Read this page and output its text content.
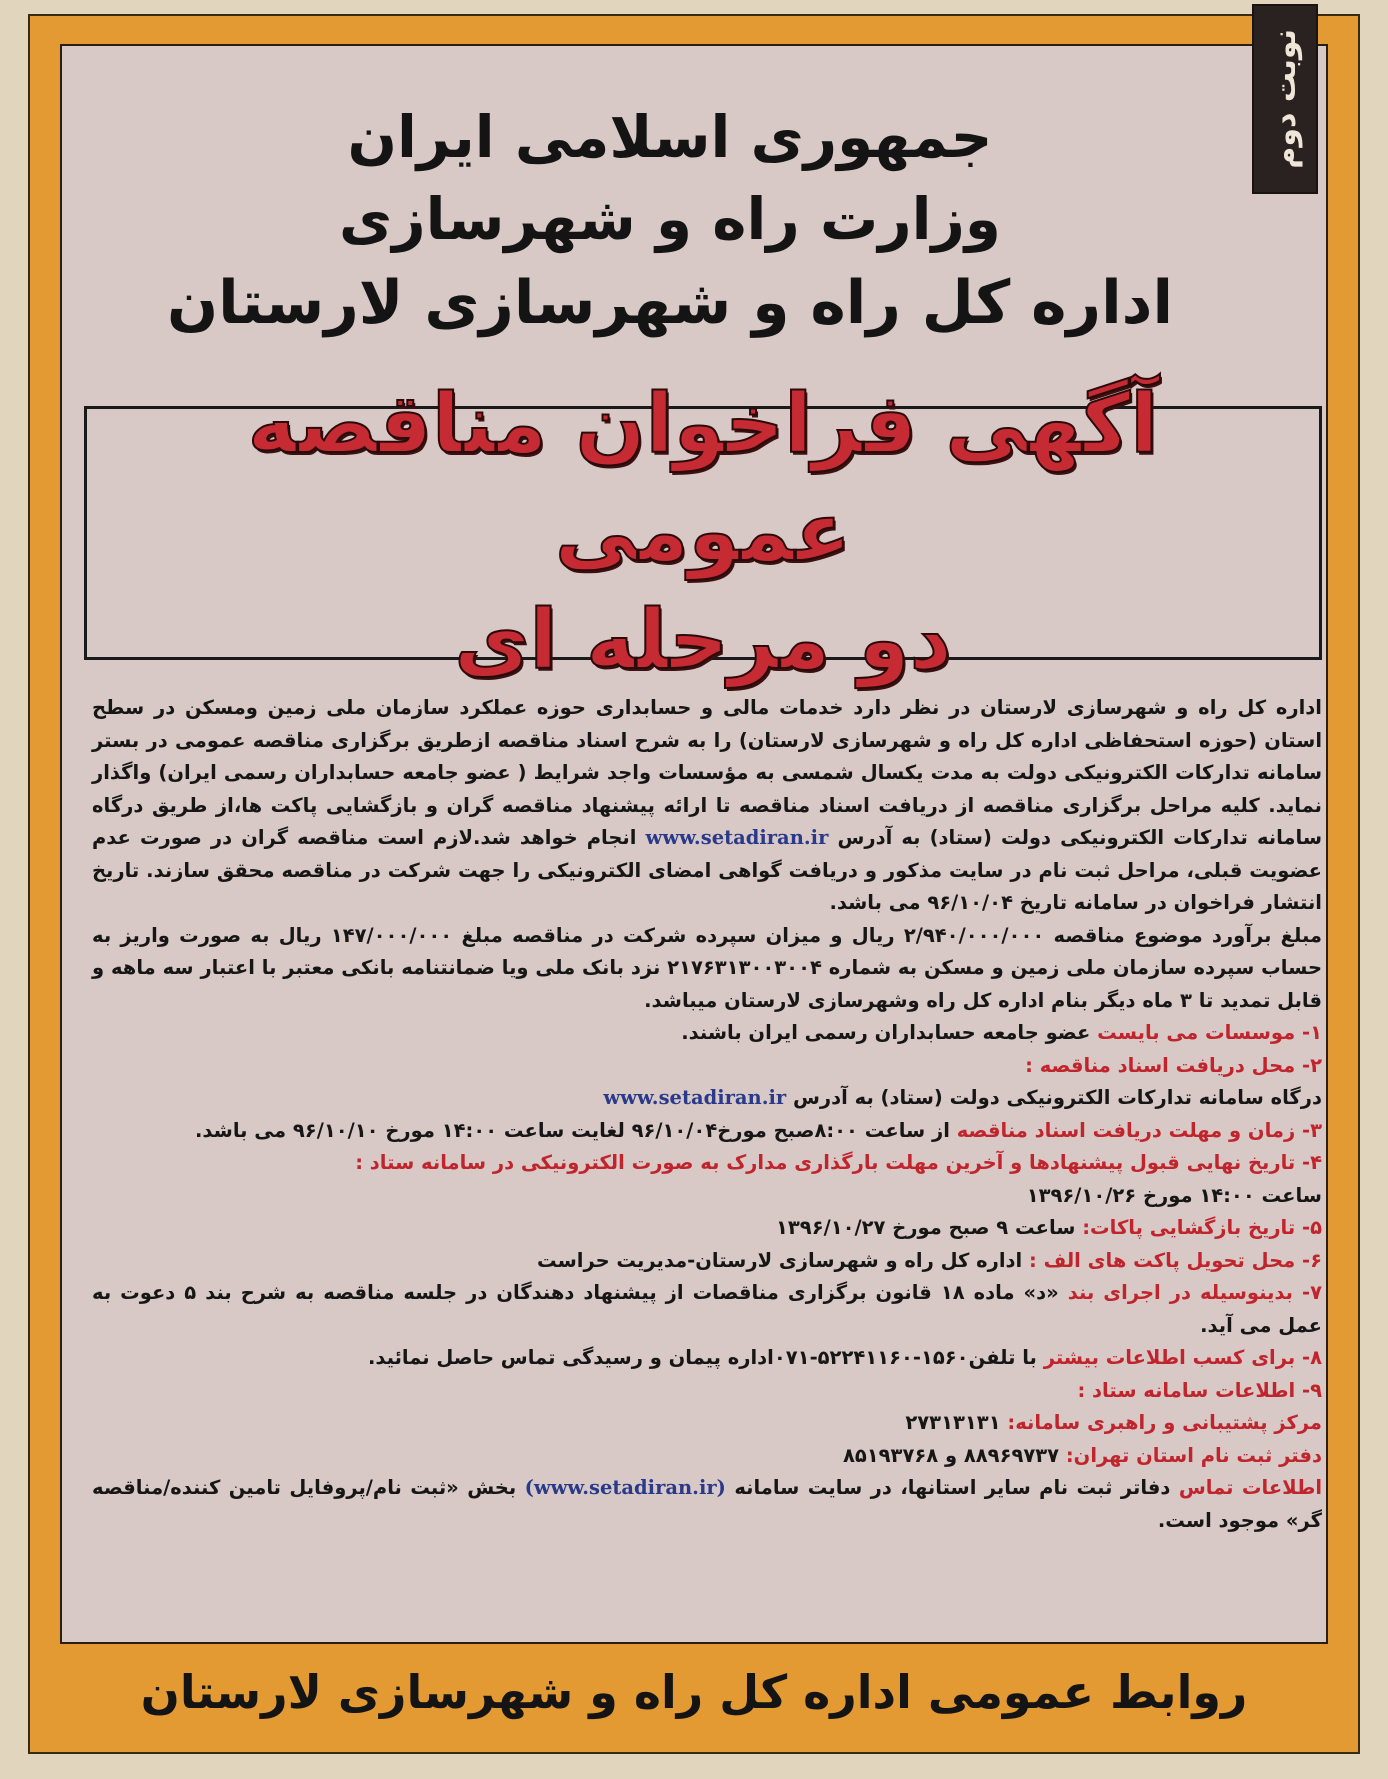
نوبت دوم
جمهوری اسلامی ایران
وزارت راه و شهرسازی
اداره کل راه و شهرسازی لارستان
آگهی فراخوان مناقصه عمومی
دو مرحله ای

اداره کل راه و شهرسازی لارستان در نظر دارد خدمات مالی و حسابداری حوزه عملکرد سازمان ملی زمین ومسکن در سطح استان (حوزه استحفاظی اداره کل راه و شهرسازی لارستان) را به شرح اسناد مناقصه ازطریق برگزاری مناقصه عمومی در بستر سامانه تدارکات الکترونیکی دولت به مدت یکسال شمسی به مؤسسات واجد شرایط ( عضو جامعه حسابداران رسمی ایران) واگذار نماید. کلیه مراحل برگزاری مناقصه از دریافت اسناد مناقصه تا ارائه پیشنهاد مناقصه گران و بازگشایی پاکت ها،از طریق درگاه سامانه تدارکات الکترونیکی دولت (ستاد) به آدرس www.setadiran.ir انجام خواهد شد.لازم است مناقصه گران در صورت عدم عضویت قبلی، مراحل ثبت نام در سایت مذکور و دریافت گواهی امضای الکترونیکی را جهت شرکت در مناقصه محقق سازند. تاریخ انتشار فراخوان در سامانه تاریخ ۹۶/۱۰/۰۴ می باشد.

مبلغ برآورد موضوع مناقصه ۲/۹۴۰/۰۰۰/۰۰۰ ریال و میزان سپرده شرکت در مناقصه مبلغ ۱۴۷/۰۰۰/۰۰۰ ریال به صورت واریز به حساب سپرده سازمان ملی زمین و مسکن به شماره ۲۱۷۶۳۱۳۰۰۳۰۰۴ نزد بانک ملی ویا ضمانتنامه بانکی معتبر با اعتبار سه ماهه و قابل تمدید تا ۳ ماه دیگر بنام اداره کل راه وشهرسازی لارستان میباشد.

۱- موسسات می بایست عضو جامعه حسابداران رسمی ایران باشند.

۲- محل دریافت اسناد مناقصه :

درگاه سامانه تدارکات الکترونیکی دولت (ستاد) به آدرس www.setadiran.ir

۳- زمان و مهلت دریافت اسناد مناقصه از ساعت ۸:۰۰صبح مورخ۹۶/۱۰/۰۴ لغایت ساعت ۱۴:۰۰ مورخ ۹۶/۱۰/۱۰ می باشد.

۴- تاریخ نهایی قبول پیشنهادها و آخرین مهلت بارگذاری مدارک به صورت الکترونیکی در سامانه ستاد :

ساعت ۱۴:۰۰ مورخ ۱۳۹۶/۱۰/۲۶

۵- تاریخ بازگشایی پاکات: ساعت ۹ صبح مورخ ۱۳۹۶/۱۰/۲۷

۶- محل تحویل پاکت های الف : اداره کل راه و شهرسازی لارستان-مدیریت حراست

۷- بدینوسیله در اجرای بند «د» ماده ۱۸ قانون برگزاری مناقصات از پیشنهاد دهندگان در جلسه مناقصه به شرح بند ۵ دعوت به عمل می آید.

۸- برای کسب اطلاعات بیشتر با تلفن۱۵۶۰-۵۲۲۴۱۱۶۰-۰۷۱اداره پیمان و رسیدگی تماس حاصل نمائید.

۹- اطلاعات سامانه ستاد :

مرکز پشتیبانی و راهبری سامانه: ۲۷۳۱۳۱۳۱

دفتر ثبت نام استان تهران: ۸۸۹۶۹۷۳۷ و ۸۵۱۹۳۷۶۸

اطلاعات تماس دفاتر ثبت نام سایر استانها، در سایت سامانه (www.setadiran.ir) بخش «ثبت نام/پروفایل تامین کننده/مناقصه گر» موجود است.

روابط عمومی اداره کل راه و شهرسازی لارستان
